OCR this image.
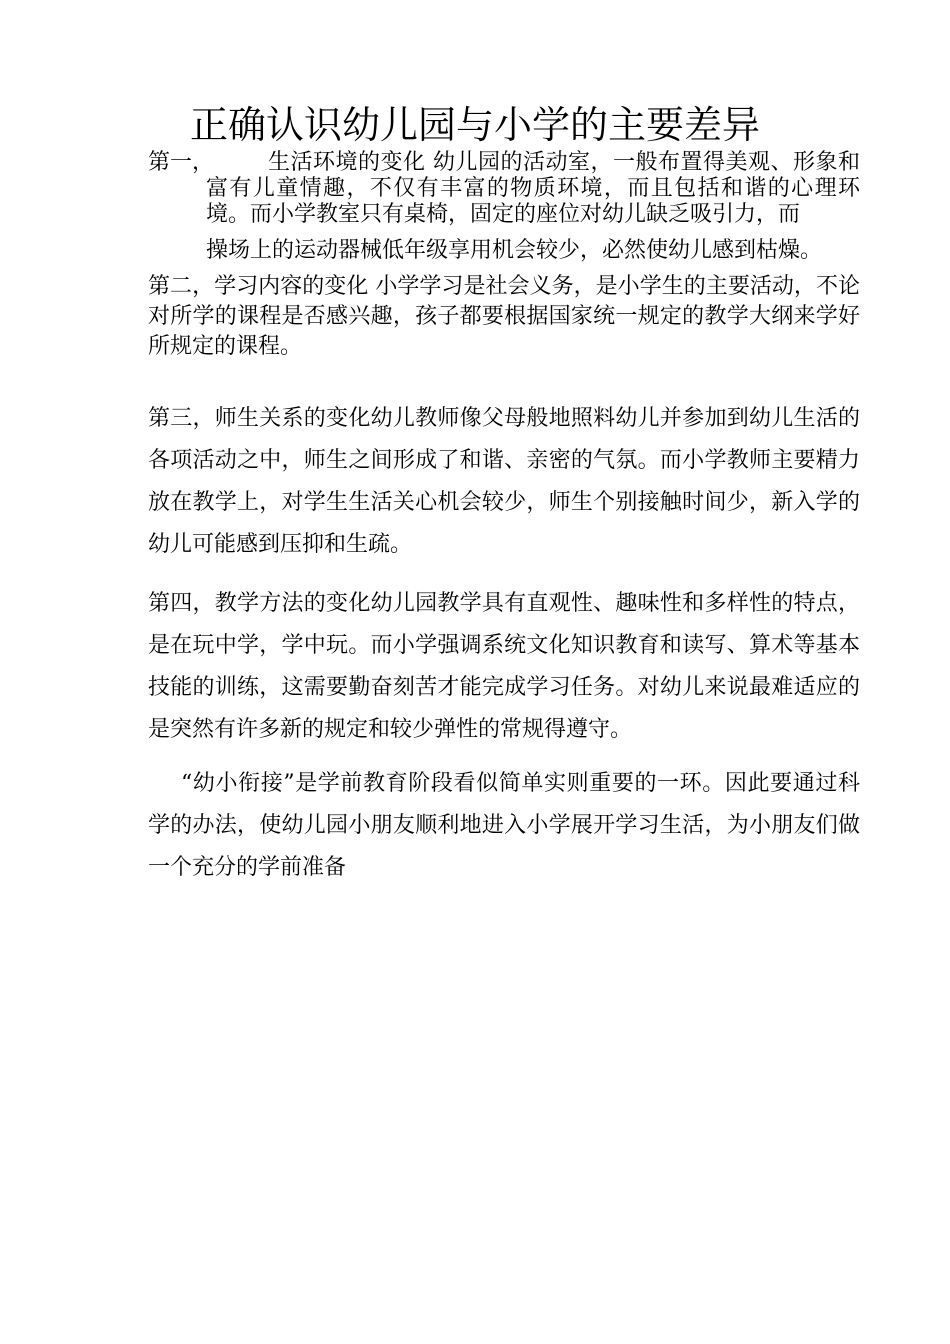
正确认识幼儿园与小学的主要差异
第一，	生活环境的变化 幼儿园的活动室，一般布置得美观、形象和富有儿童情趣，不仅有丰富的物质环境，而且包括和谐的心理环境。而小学教室只有桌椅，固定的座位对幼儿缺乏吸引力，而
操场上的运动器械低年级享用机会较少，必然使幼儿感到枯燥。
第二，学习内容的变化 小学学习是社会义务，是小学生的主要活动，不论对所学的课程是否感兴趣，孩子都要根据国家统一规定的教学大纲来学好所规定的课程。
第三，师生关系的变化幼儿教师像父母般地照料幼儿并参加到幼儿生活的各项活动之中，师生之间形成了和谐、亲密的气氛。而小学教师主要精力放在教学上，对学生生活关心机会较少，师生个别接触时间少，新入学的幼儿可能感到压抑和生疏。
第四，教学方法的变化幼儿园教学具有直观性、趣味性和多样性的特点，是在玩中学，学中玩。而小学强调系统文化知识教育和读写、算术等基本技能的训练，这需要勤奋刻苦才能完成学习任务。对幼儿来说最难适应的是突然有许多新的规定和较少弹性的常规得遵守。
“幼小衔接”是学前教育阶段看似简单实则重要的一环。因此要通过科学的办法，使幼儿园小朋友顺利地进入小学展开学习生活，为小朋友们做一个充分的学前准备
